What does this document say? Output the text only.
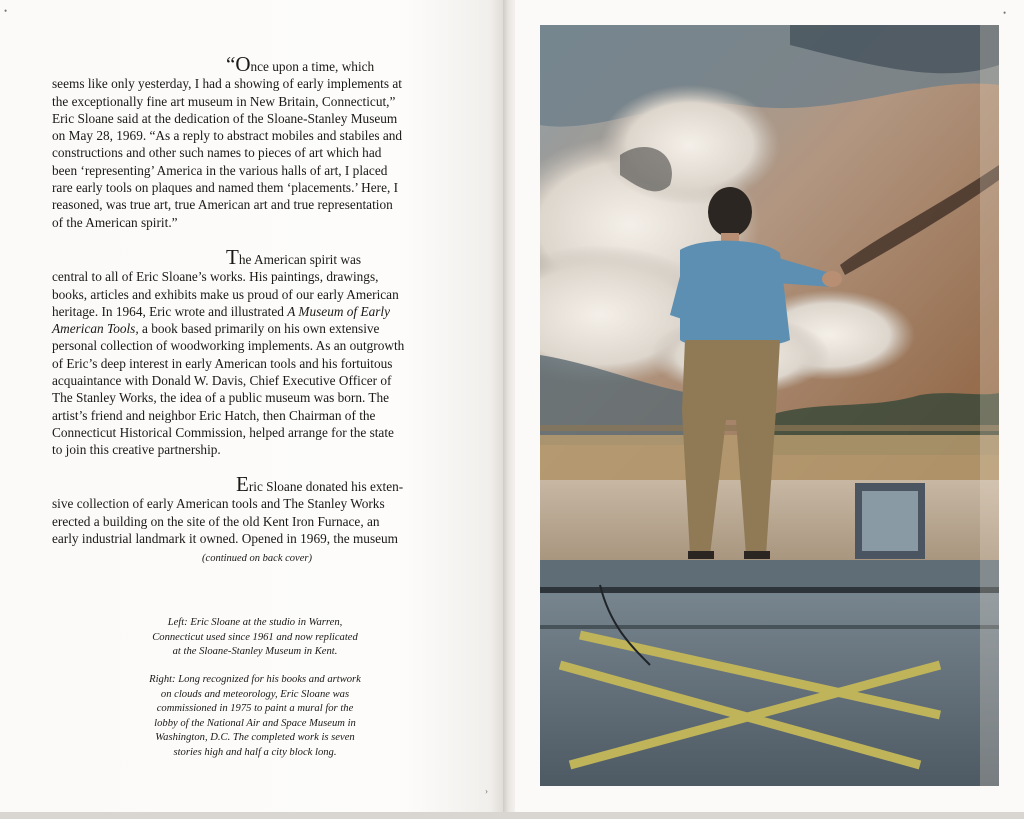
“Once upon a time, which
seems like only yesterday, I had a showing of early implements at
the exceptionally fine art museum in New Britain, Connecticut,”
Eric Sloane said at the dedication of the Sloane-Stanley Museum
on May 28, 1969. “As a reply to abstract mobiles and stabiles and
constructions and other such names to pieces of art which had
been ‘representing’ America in the various halls of art, I placed
rare early tools on plaques and named them ‘placements.’ Here, I
reasoned, was true art, true American art and true representation
of the American spirit.”

The American spirit was
central to all of Eric Sloane’s works. His paintings, drawings,
books, articles and exhibits make us proud of our early American
heritage. In 1964, Eric wrote and illustrated A Museum of Early
American Tools, a book based primarily on his own extensive
personal collection of woodworking implements. As an outgrowth
of Eric’s deep interest in early American tools and his fortuitous
acquaintance with Donald W. Davis, Chief Executive Officer of
The Stanley Works, the idea of a public museum was born. The
artist’s friend and neighbor Eric Hatch, then Chairman of the
Connecticut Historical Commission, helped arrange for the state
to join this creative partnership.

Eric Sloane donated his exten-
sive collection of early American tools and The Stanley Works
erected a building on the site of the old Kent Iron Furnace, an
early industrial landmark it owned. Opened in 1969, the museum

(continued on back cover)

Left: Eric Sloane at the studio in Warren,
Connecticut used since 1961 and now replicated
at the Sloane-Stanley Museum in Kent.

Right: Long recognized for his books and artwork
on clouds and meteorology, Eric Sloane was
commissioned in 1975 to paint a mural for the
lobby of the National Air and Space Museum in
Washington, D.C. The completed work is seven
stories high and half a city block long.

•
›
•
